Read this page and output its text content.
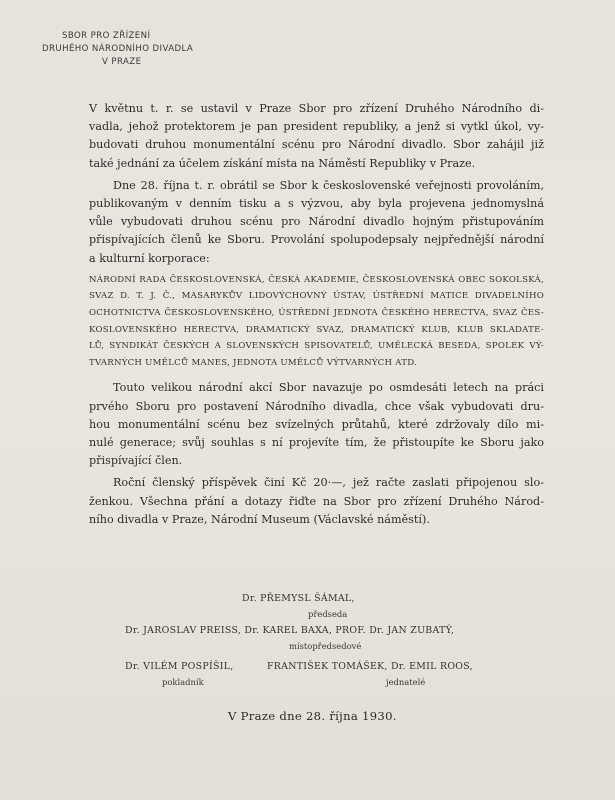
SBOR PRO ZŘÍZENÍ
DRUHÉHO NÁRODNÍHO DIVADLA
V PRAZE
V květnu t. r. se ustavil v Praze Sbor pro zřízení Druhého Národního di-
vadla, jehož protektorem je pan president republiky, a jenž si vytkl úkol, vy-
budovati druhou monumentální scénu pro Národní divadlo. Sbor zahájil již
také jednání za účelem získání místa na Náměstí Republiky v Praze.
Dne 28. října t. r. obrátil se Sbor k československé veřejnosti provoláním,
publikovaným v denním tisku a s výzvou, aby byla projevena jednomyslná
vůle vybudovati druhou scénu pro Národní divadlo hojným přistupováním
přispívajících členů ke Sboru. Provolání spolupodepsaly nejpřednější národní
a kulturní korporace:
NÁRODNÍ RADA ČESKOSLOVENSKÁ, ČESKÁ AKADEMIE, ČESKOSLOVENSKÁ OBEC SOKOLSKÁ,
SVAZ D. T. J. Č., MASARYKŮV LIDOVÝCHOVNÝ ÚSTAV, ÚSTŘEDNÍ MATICE DIVADELNÍHO
OCHOTNICTVA ČESKOSLOVENSKÉHO, ÚSTŘEDNÍ JEDNOTA ČESKÉHO HERECTVA, SVAZ ČES-
KOSLOVENSKÉHO HERECTVA, DRAMATICKÝ SVAZ, DRAMATICKÝ KLUB, KLUB SKLADATE-
LŮ, SYNDIKÁT ČESKÝCH A SLOVENSKÝCH SPISOVATELŮ, UMĚLECKÁ BESEDA, SPOLEK VÝ-
TVARNÝCH UMĚLCŮ MANES, JEDNOTA UMĚLCŮ VÝTVARNÝCH ATD.
Touto velikou národní akcí Sbor navazuje po osmdesáti letech na práci
prvého Sboru pro postavení Národního divadla, chce však vybudovati dru-
hou monumentální scénu bez svízelných průtahů, které zdržovaly dílo mi-
nulé generace; svůj souhlas s ní projevíte tím, že přistoupíte ke Sboru jako
přispívající člen.
Roční členský příspěvek činí Kč 20·—, jež račte zaslati připojenou slo-
ženkou. Všechna přání a dotazy řiďte na Sbor pro zřízení Druhého Národ-
ního divadla v Praze, Národní Museum (Václavské náměstí).
Dr. PŘEMYSL ŠÁMAL,
předseda
Dr. JAROSLAV PREISS, Dr. KAREL BAXA, PROF. Dr. JAN ZUBATÝ,
místopředsedové
Dr. VILÉM POSPÍŠIL,
pokladník
FRANTIŠEK TOMÁŠEK, Dr. EMIL ROOS,
jednatelé
V Praze dne 28. října 1930.
